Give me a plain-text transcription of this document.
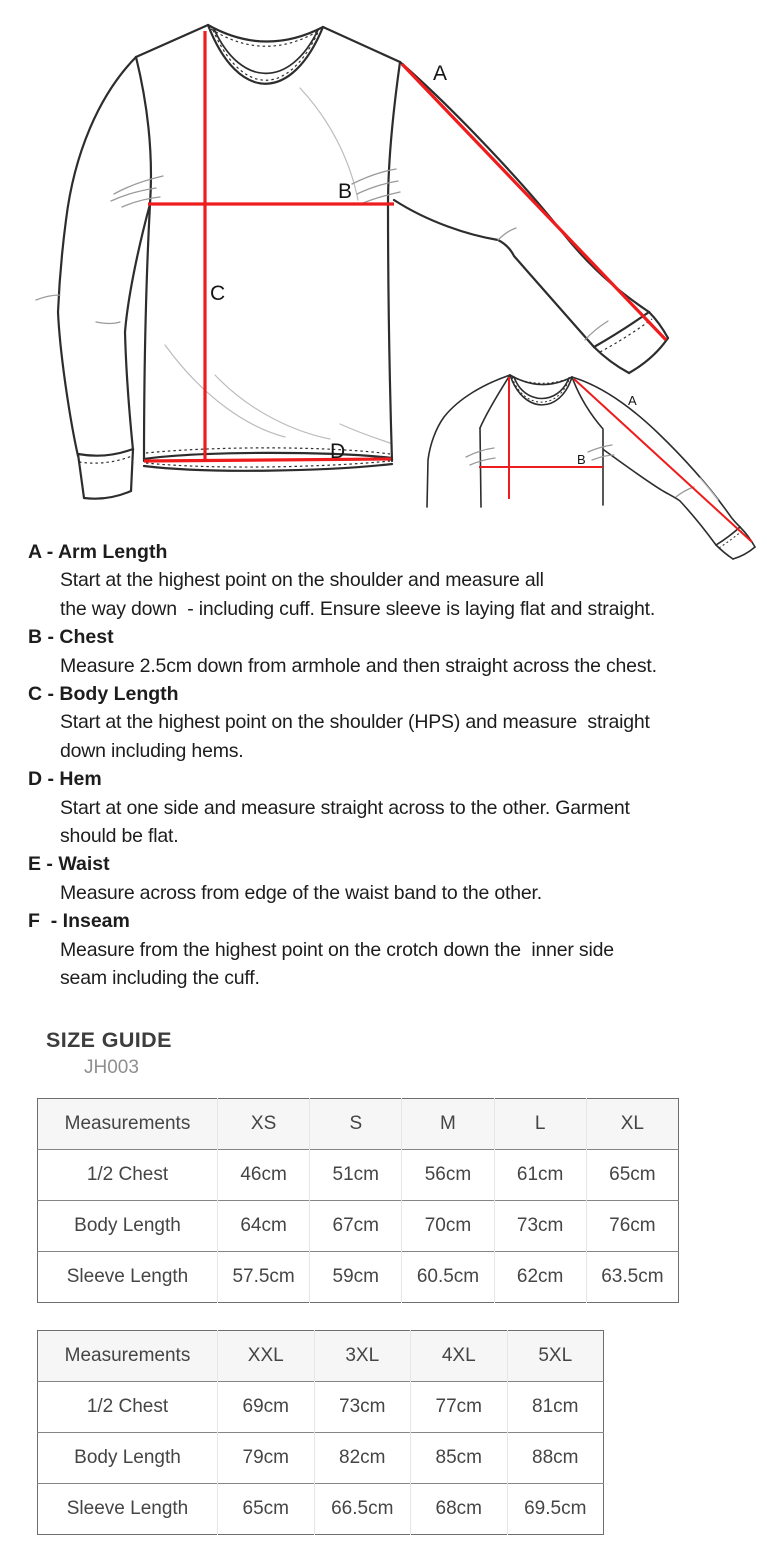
A
B
C
D
A
B
A - Arm Length
Start at the highest point on the shoulder and measure all
the way down  - including cuff. Ensure sleeve is laying flat and straight.
B - Chest
Measure 2.5cm down from armhole and then straight across the chest.
C - Body Length
Start at the highest point on the shoulder (HPS) and measure  straight
down including hems.
D - Hem
Start at one side and measure straight across to the other. Garment
should be flat.
E - Waist
Measure across from edge of the waist band to the other.
F  - Inseam
Measure from the highest point on the crotch down the  inner side
seam including the cuff.
SIZE GUIDE
JH003
Measurements	XS	S	M	L	XL
1/2 Chest	46cm	51cm	56cm	61cm	65cm
Body Length	64cm	67cm	70cm	73cm	76cm
Sleeve Length	57.5cm	59cm	60.5cm	62cm	63.5cm
Measurements	XXL	3XL	4XL	5XL
1/2 Chest	69cm	73cm	77cm	81cm
Body Length	79cm	82cm	85cm	88cm
Sleeve Length	65cm	66.5cm	68cm	69.5cm
